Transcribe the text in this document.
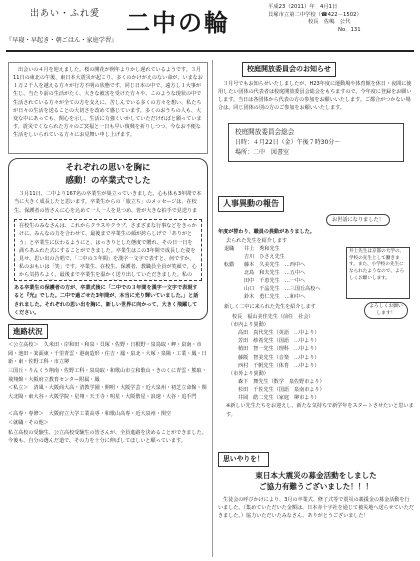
出あい・ふれ愛 二中の輪
『早寝・早起き・朝ごはん・家庭学習』
平成23（2011）年　4月1日
貝塚市立第二中学校（☎422－1502）
校長　佐嶋　公代
No．131
出会いの４月を迎えました。桜の開花が例年よりかし遅れているようです。３月11日の東北の午後、東日本大震災が起こり、多くのかけがえのない命が、いまなお１万２千人を越える方々が行方不明の状態です。同じ日本の中で、遠方し１大事が生じ、当たり前の生活がたく、大きな被害を受けた方々や、このような現状の中で生活されている方々が全ての方を支えに、苦しんでいる多くの方々を想い、私たちが日々の生活を送ることの大切さを改めて感じています。多くのおうちの人も、大変な中にあっても、関心を示し、生活に力強くいかしていただければと願っています。震災でくなられた方々のご冥福と一日も早い復興を祈りしつつ、今なお不便な生活をしいられている方々にお見舞い申し上げます。
それぞれの思いを胸に
感動！の卒業式でした
３月11日、二中より167名の卒業生が巣立っていきました。心も体も3年間で本当に大きく成長したと思います。卒業生からの「旅立ち」のメッセージは、在校生、保護者の皆さんに心を込めて一人一人を見つめ、皆が大きな拍手で見送りま
在校生のみなさんは、これからクラスやクラブ、さまざまな行事などをきっかけに、みんなの力を合わせて、最後まで卒業生の顔が誇らしげで「ありがとう」と卒業生に伝わるようにと、はっきりとした態度で贈れ、その日一日を満ちあふれた式にすることができました。卒業生はこの3年間で成長した姿を見せ、思い出の合唱で、「二中の３年間」を漢字一文字で表すと、何ですか。私のおもいは「笑」です。卒業生、在校生、保護者、教職員全員が笑顔で、心から気持ちよく、最後まで卒業生を温かく送り出していただきました。私の
ある卒業生の保護者の方が、卒業式後に「二中での３年間を漢字一文字で表現すると『光』でした。二中で過ごせた3年間が、本当に光り輝いていました。」と話されました。それぞれの思い出を胸に、新しい世界に向かって、大きく飛躍してください。
進路状況
＜公立高校＞　久米田・岸和田・和泉・貝塚・佐野・日根野・泉鳥取・岬・泉南・市岡・池田・箕面東・千里青雲・港南造形・住吉・鳳・泉北・大塚・泉陽・工業・鳳・日新・東・佐野工科・市立堺
三国丘・りんくう翔南・佐野工科・泉鳥取・和歌山市立和歌山・きのくに青雲・熊取・飛翔館・大阪府立教育センター附属・鳳
＜私立＞　清風・大阪商大高・清教学園・開明・大阪学芸・近大泉州・初芝立命館・関大北陽・東大谷・大阪学院・星翔・天王寺・明星・大阪偕星・浪速・大谷・追手門
＜高専・専修＞　大阪府立大学工業高専・和歌山高専・近大泉州・関空
＜就職・その他＞
私立高校の受験生、公立高校受験生の皆さんが、全員進路を決めることができました。今後も、自分の選んだ道で、その力を十分に伸ばしてほしいと願っています。
校庭開放委員会のお知らせ
３月号でもお知らせいたしましたが、H23年度に運動場や体育館を休日・夜間に使用したい団体の代表者は校庭開放委員会総会をもちますので、今年度に登録をお願いします。当日は各団体から代表の方の参加をお願いいたします。ご都合がつかない場合は、同じ団体の別の方のご参加をお願いいたします。
校庭開放委員会総会
日時：４月22日（金）午後７時30分～
場所：二中　図書室
人事異動の報告
お世話になりました！
年度が替わり、職員の異動がありました。
去られた先生を紹介します
退職 井上　秀和先生
吉川　ひさえ先生
転勤 藤本　久美先生　…西中へ
北島　和夫先生　…五中へ
田中　千恵先生　…一中へ
山口　千晶先生　…三国丘高校へ
鈴木　勇仁先生　…和中へ
井上先生は京都の大学の、学校の先生として働きます。また、小学校の先生になられたようなので、よろしくお願いします。
新しく二中に来られた先生を紹介します	よろしくお願いします！
校長　福山美佳先生（前任　社会）
（市内より異動）
高田　真代先生（英語　…中より）
芳田　紗希先生（国語　…中より）
植田　智一先生（理科　…中より）
藤阪　智美先生（音楽　…中より）
西村　千帆先生（体育　…中より）
（市外より異動）
森下　舞先生（数学　泉佐野市より）
杉田　千佐先生（国語　泉南市より）
井岡　皓二先生（家庭　堺市より）
※新しい先生たちをお迎えし、新たな気持ちで新学年をスタートさせたいと思います。
思いやりを！
東日本大震災の募金活動をしました
ご協力有難うございました！！！
生徒会の呼びかけにより、3月の卒業式、修了式等で震災の義援金の募金活動を行いました。（集めていただいた金額は、日本赤十字社を通じて被災地へ送らせていただきました。）協力いただいたみなさん、ありがとうございました！
